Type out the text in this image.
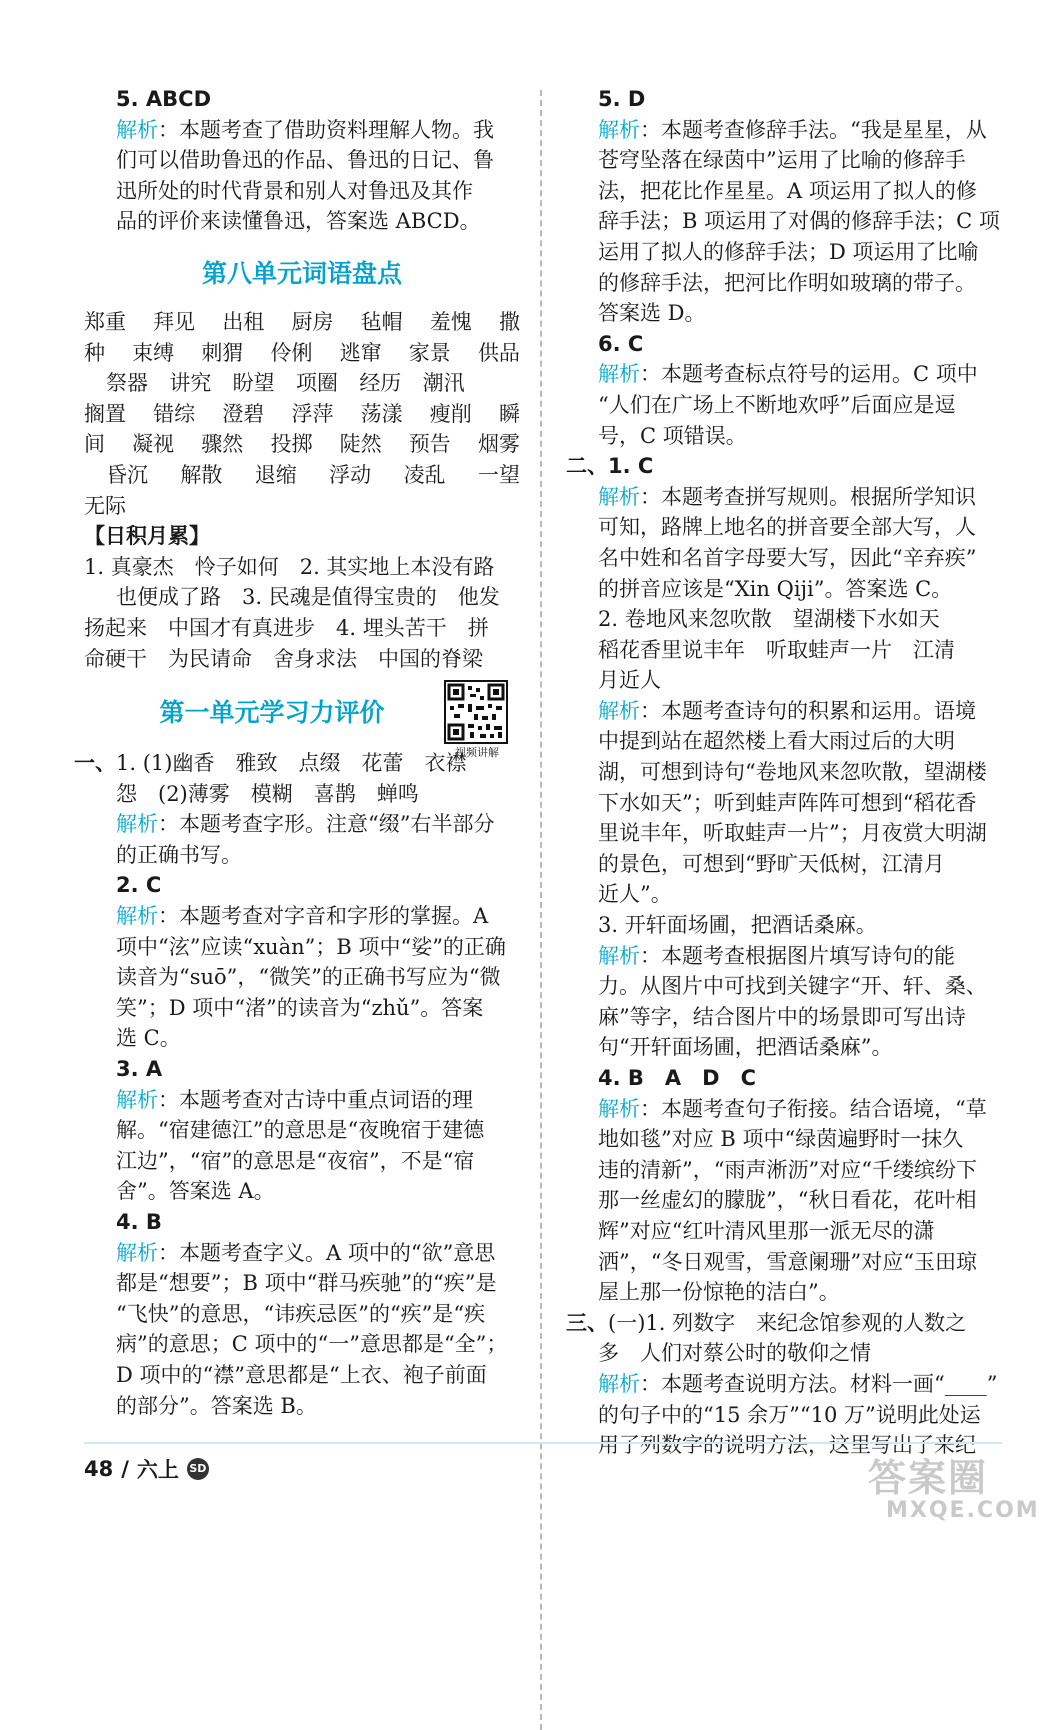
5. ABCD
解析：本题考查了借助资料理解人物。我
们可以借助鲁迅的作品、鲁迅的日记、鲁
迅所处的时代背景和别人对鲁迅及其作
品的评价来读懂鲁迅，答案选 ABCD。
第八单元词语盘点
郑重 拜见 出租 厨房 毡帽 羞愧 撒
种 束缚 刺猬 伶俐 逃窜 家景 供品
祭器 讲究 盼望 项圈 经历 潮汛
搁置 错综 澄碧 浮萍 荡漾 瘦削 瞬
间 凝视 骤然 投掷 陡然 预告 烟雾
昏沉 解散 退缩 浮动 凌乱 一望
无际
【日积月累】
1. 真豪杰　怜子如何　2. 其实地上本没有路
也便成了路　3. 民魂是值得宝贵的　他发
扬起来　中国才有真进步　4. 埋头苦干　拼
命硬干　为民请命　舍身求法　中国的脊梁
第一单元学习力评价
一、1. (1)幽香　雅致　点缀　花蕾　衣襟
怨　(2)薄雾　模糊　喜鹊　蝉鸣
解析：本题考查字形。注意“缀”右半部分
的正确书写。
2. C
解析：本题考查对字音和字形的掌握。A
项中“泫”应读“xuàn”；B 项中“娑”的正确
读音为“suō”，“微笑”的正确书写应为“微
笑”；D 项中“渚”的读音为“zhǔ”。答案
选 C。
3. A
解析：本题考查对古诗中重点词语的理
解。“宿建德江”的意思是“夜晚宿于建德
江边”，“宿”的意思是“夜宿”，不是“宿
舍”。答案选 A。
4. B
解析：本题考查字义。A 项中的“欲”意思
都是“想要”；B 项中“群马疾驰”的“疾”是
“飞快”的意思，“讳疾忌医”的“疾”是“疾
病”的意思；C 项中的“一”意思都是“全”；
D 项中的“襟”意思都是“上衣、袍子前面
的部分”。答案选 B。
视频讲解
5. D
解析：本题考查修辞手法。“我是星星，从
苍穹坠落在绿茵中”运用了比喻的修辞手
法，把花比作星星。A 项运用了拟人的修
辞手法；B 项运用了对偶的修辞手法；C 项
运用了拟人的修辞手法；D 项运用了比喻
的修辞手法，把河比作明如玻璃的带子。
答案选 D。
6. C
解析：本题考查标点符号的运用。C 项中
“人们在广场上不断地欢呼”后面应是逗
号，C 项错误。
二、1. C
解析：本题考查拼写规则。根据所学知识
可知，路牌上地名的拼音要全部大写，人
名中姓和名首字母要大写，因此“辛弃疾”
的拼音应该是“Xin Qiji”。答案选 C。
2. 卷地风来忽吹散　望湖楼下水如天
稻花香里说丰年　听取蛙声一片　江清
月近人
解析：本题考查诗句的积累和运用。语境
中提到站在超然楼上看大雨过后的大明
湖，可想到诗句“卷地风来忽吹散，望湖楼
下水如天”；听到蛙声阵阵可想到“稻花香
里说丰年，听取蛙声一片”；月夜赏大明湖
的景色，可想到“野旷天低树，江清月
近人”。
3. 开轩面场圃，把酒话桑麻。
解析：本题考查根据图片填写诗句的能
力。从图片中可找到关键字“开、轩、桑、
麻”等字，结合图片中的场景即可写出诗
句“开轩面场圃，把酒话桑麻”。
4. B　A　D　C
解析：本题考查句子衔接。结合语境，“草
地如毯”对应 B 项中“绿茵遍野时一抹久
违的清新”，“雨声淅沥”对应“千缕缤纷下
那一丝虚幻的朦胧”，“秋日看花，花叶相
辉”对应“红叶清风里那一派无尽的潇
洒”，“冬日观雪，雪意阑珊”对应“玉田琼
屋上那一份惊艳的洁白”。
三、(一)1. 列数字　来纪念馆参观的人数之
多　人们对蔡公时的敬仰之情
解析：本题考查说明方法。材料一画“____”
的句子中的“15 余万”“10 万”说明此处运
用了列数字的说明方法，这里写出了来纪
48 / 六上 SD	答案圈
MXQE.COM
